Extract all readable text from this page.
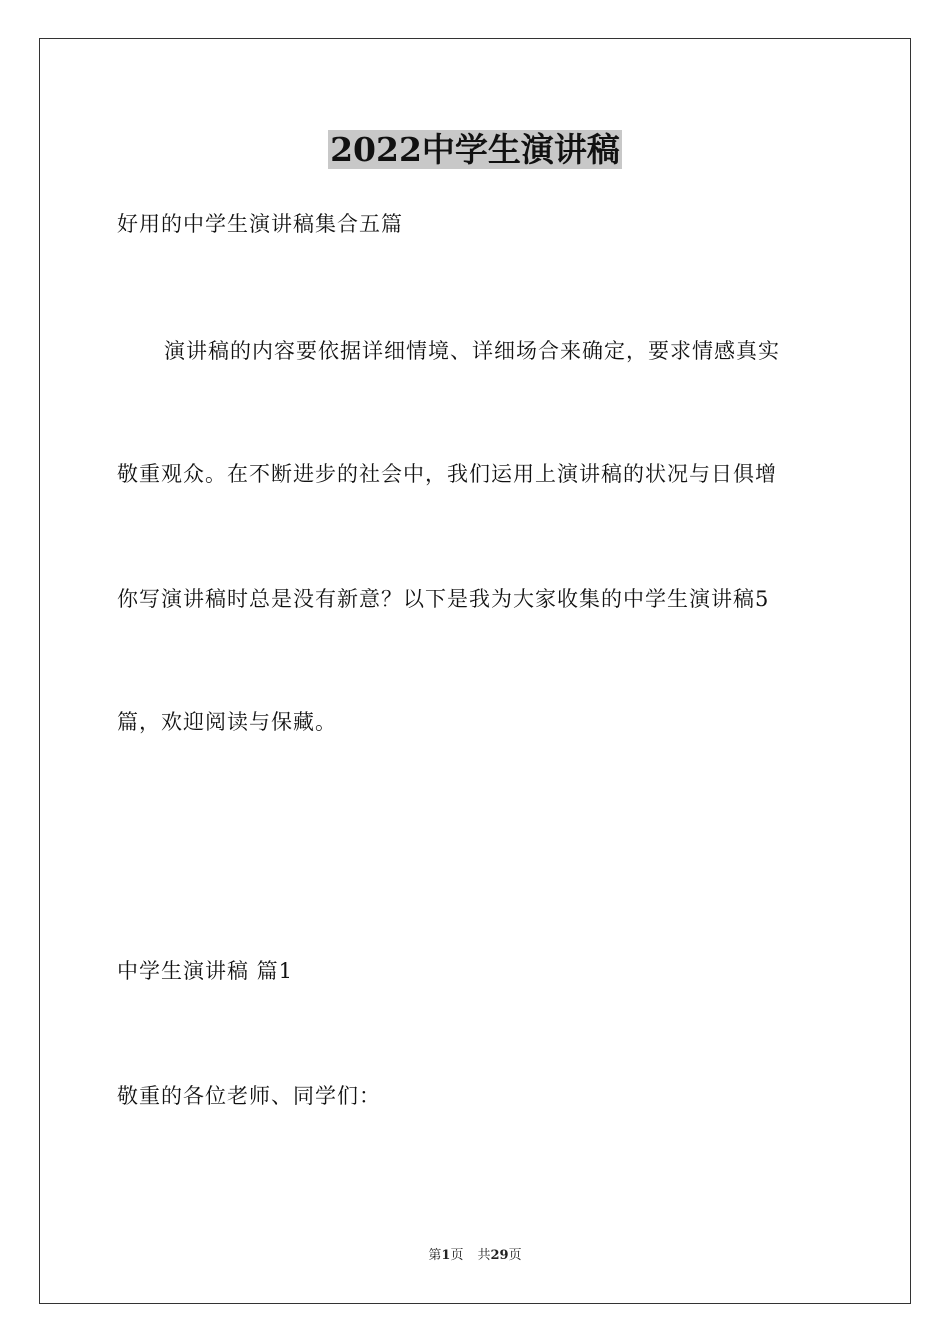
2022中学生演讲稿

好用的中学生演讲稿集合五篇

演讲稿的内容要依据详细情境、详细场合来确定，要求情感真实

敬重观众。在不断进步的社会中，我们运用上演讲稿的状况与日俱增

你写演讲稿时总是没有新意？以下是我为大家收集的中学生演讲稿5

篇，欢迎阅读与保藏。

中学生演讲稿 篇1

敬重的各位老师、同学们：

第1页 共29页
